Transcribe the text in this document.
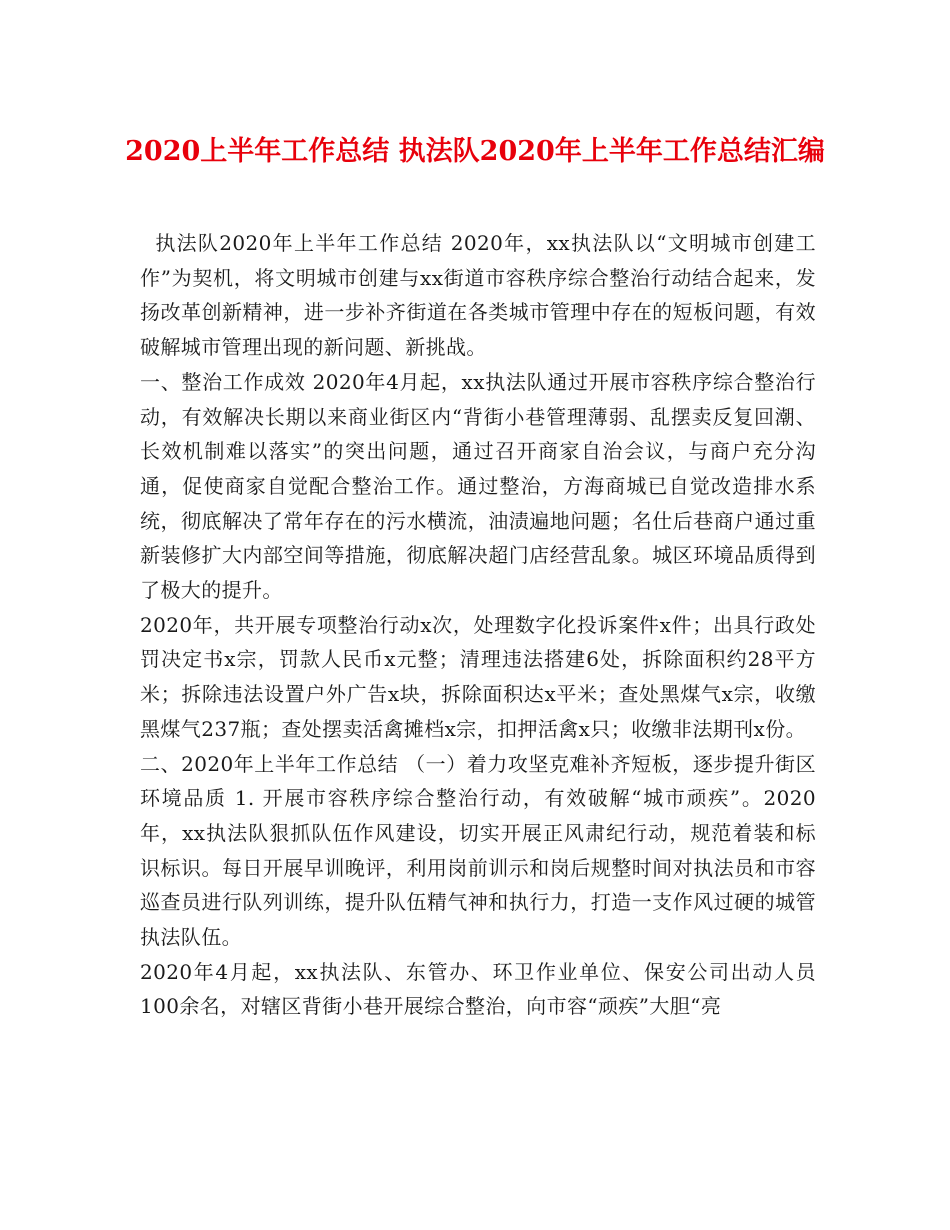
2020上半年工作总结 执法队2020年上半年工作总结汇编

执法队2020年上半年工作总结 2020年，xx执法队以“文明城市创建工作”为契机，将文明城市创建与xx街道市容秩序综合整治行动结合起来，发扬改革创新精神，进一步补齐街道在各类城市管理中存在的短板问题，有效破解城市管理出现的新问题、新挑战。

一、整治工作成效 2020年4月起，xx执法队通过开展市容秩序综合整治行动，有效解决长期以来商业街区内“背街小巷管理薄弱、乱摆卖反复回潮、长效机制难以落实”的突出问题，通过召开商家自治会议，与商户充分沟通，促使商家自觉配合整治工作。通过整治，方海商城已自觉改造排水系统，彻底解决了常年存在的污水横流，油渍遍地问题；名仕后巷商户通过重新装修扩大内部空间等措施，彻底解决超门店经营乱象。城区环境品质得到了极大的提升。

2020年，共开展专项整治行动x次，处理数字化投诉案件x件；出具行政处罚决定书x宗，罚款人民币x元整；清理违法搭建6处，拆除面积约28平方米；拆除违法设置户外广告x块，拆除面积达x平米；查处黑煤气x宗，收缴黑煤气237瓶；查处摆卖活禽摊档x宗，扣押活禽x只；收缴非法期刊x份。

二、2020年上半年工作总结 （一）着力攻坚克难补齐短板，逐步提升街区环境品质 1. 开展市容秩序综合整治行动，有效破解“城市顽疾”。2020年，xx执法队狠抓队伍作风建设，切实开展正风肃纪行动，规范着装和标识标识。每日开展早训晚评，利用岗前训示和岗后规整时间对执法员和市容巡查员进行队列训练，提升队伍精气神和执行力，打造一支作风过硬的城管执法队伍。

2020年4月起，xx执法队、东管办、环卫作业单位、保安公司出动人员100余名，对辖区背街小巷开展综合整治，向市容“顽疾”大胆“亮
